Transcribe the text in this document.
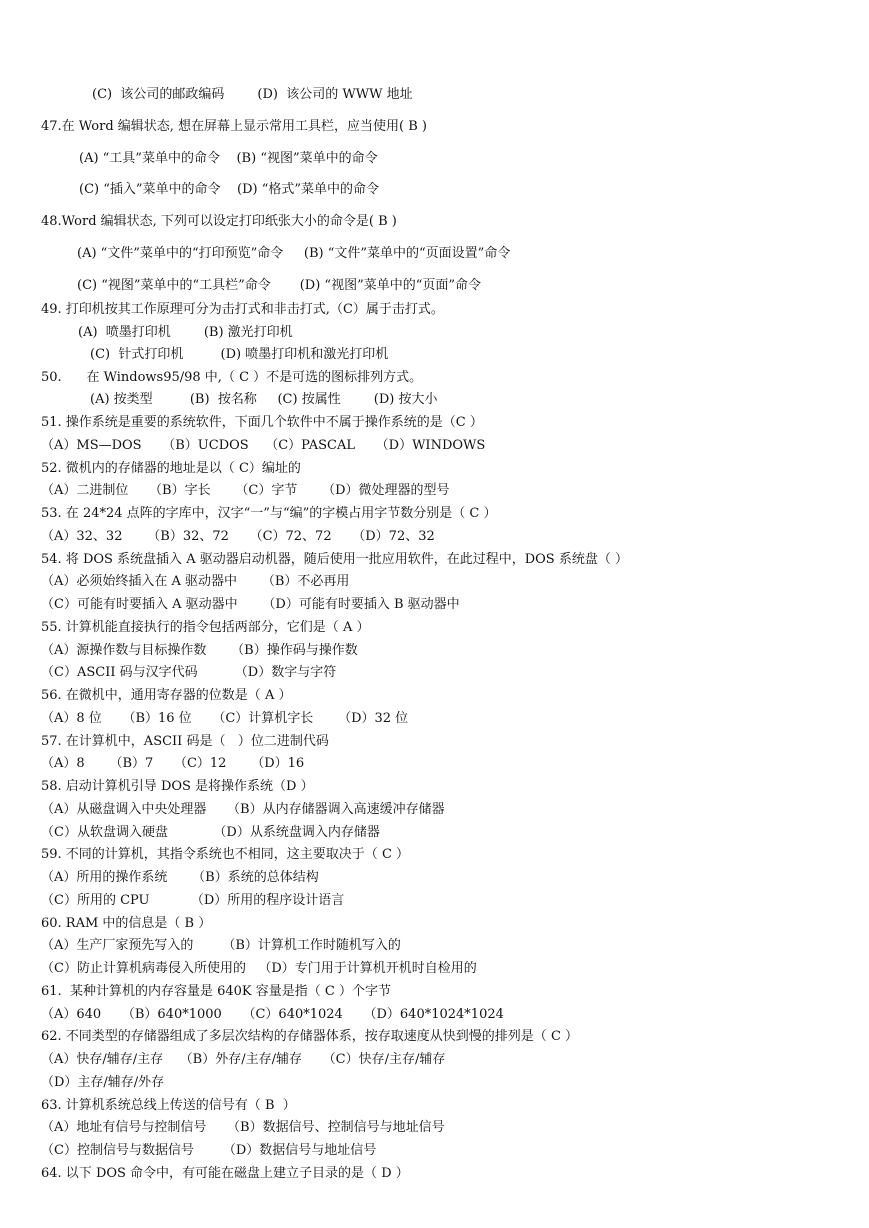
(C)  该公司的邮政编码        (D)  该公司的 WWW 地址
47.在 Word 编辑状态, 想在屏幕上显示常用工具栏，应当使用( B )
(A) “工具”菜单中的命令    (B) “视图”菜单中的命令
(C) “插入”菜单中的命令    (D) “格式”菜单中的命令
48.Word 编辑状态, 下列可以设定打印纸张大小的命令是( B )
(A) “文件”菜单中的“打印预览”命令     (B) “文件”菜单中的“页面设置”命令
(C) “视图”菜单中的“工具栏”命令       (D) “视图”菜单中的“页面”命令
49. 打印机按其工作原理可分为击打式和非击打式,（C）属于击打式。
(A)  喷墨打印机        (B) 激光打印机
(C)  针式打印机         (D) 喷墨打印机和激光打印机
50.      在 Windows95/98 中,（ C ）不是可选的图标排列方式。
(A) 按类型         (B)  按名称     (C) 按属性        (D) 按大小
51. 操作系统是重要的系统软件，下面几个软件中不属于操作系统的是（C ）
（A）MS—DOS     （B）UCDOS    （C）PASCAL     （D）WINDOWS
52. 微机内的存储器的地址是以（ C）编址的
（A）二进制位     （B）字长      （C）字节      （D）微处理器的型号
53. 在 24*24 点阵的字库中，汉字“一”与“编”的字模占用字节数分别是（ C ）
（A）32、32      （B）32、72     （C）72、72     （D）72、32
54. 将 DOS 系统盘插入 A 驱动器启动机器，随后使用一批应用软件，在此过程中，DOS 系统盘（ ）
（A）必须始终插入在 A 驱动器中      （B）不必再用
（C）可能有时要插入 A 驱动器中      （D）可能有时要插入 B 驱动器中
55. 计算机能直接执行的指令包括两部分，它们是（ A ）
（A）源操作数与目标操作数      （B）操作码与操作数
（C）ASCII 码与汉字代码         （D）数字与字符
56. 在微机中，通用寄存器的位数是（ A ）
（A）8 位     （B）16 位     （C）计算机字长      （D）32 位
57. 在计算机中，ASCII 码是（   ）位二进制代码
（A）8      （B）7     （C）12      （D）16
58. 启动计算机引导 DOS 是将操作系统（D ）
（A）从磁盘调入中央处理器     （B）从内存储器调入高速缓冲存储器
（C）从软盘调入硬盘           （D）从系统盘调入内存储器
59. 不同的计算机，其指令系统也不相同，这主要取决于（ C ）
（A）所用的操作系统      （B）系统的总体结构
（C）所用的 CPU          （D）所用的程序设计语言
60. RAM 中的信息是（ B ）
（A）生产厂家预先写入的       （B）计算机工作时随机写入的
（C）防止计算机病毒侵入所使用的   （D）专门用于计算机开机时自检用的
61.  某种计算机的内存容量是 640K 容量是指（ C ）个字节
（A）640     （B）640*1000     （C）640*1024     （D）640*1024*1024
62. 不同类型的存储器组成了多层次结构的存储器体系，按存取速度从快到慢的排列是（ C ）
（A）快存/辅存/主存    （B）外存/主存/辅存     （C）快存/主存/辅存
（D）主存/辅存/外存
63. 计算机系统总线上传送的信号有（ B  ）
（A）地址有信号与控制信号     （B）数据信号、控制信号与地址信号
（C）控制信号与数据信号       （D）数据信号与地址信号
64. 以下 DOS 命令中，有可能在磁盘上建立子目录的是（ D ）
